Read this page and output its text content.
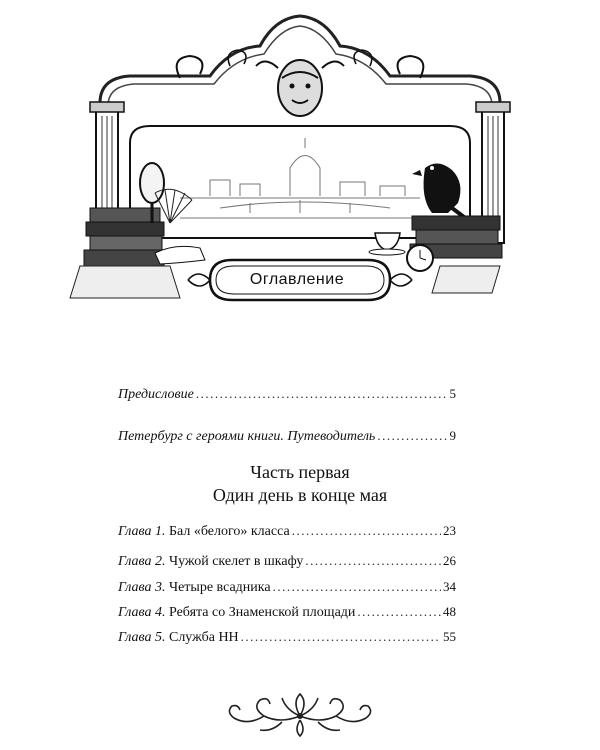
Оглавление
Предисловие .....	5
Петербург с героями книги. Путеводитель .....	9
Часть первая
Один день в конце мая
Глава 1. Бал «белого» класса .....	23
Глава 2. Чужой скелет в шкафу .....	26
Глава 3. Четыре всадника .....	34
Глава 4. Ребята со Знаменской площади .....	48
Глава 5. Служба НН .....	55
